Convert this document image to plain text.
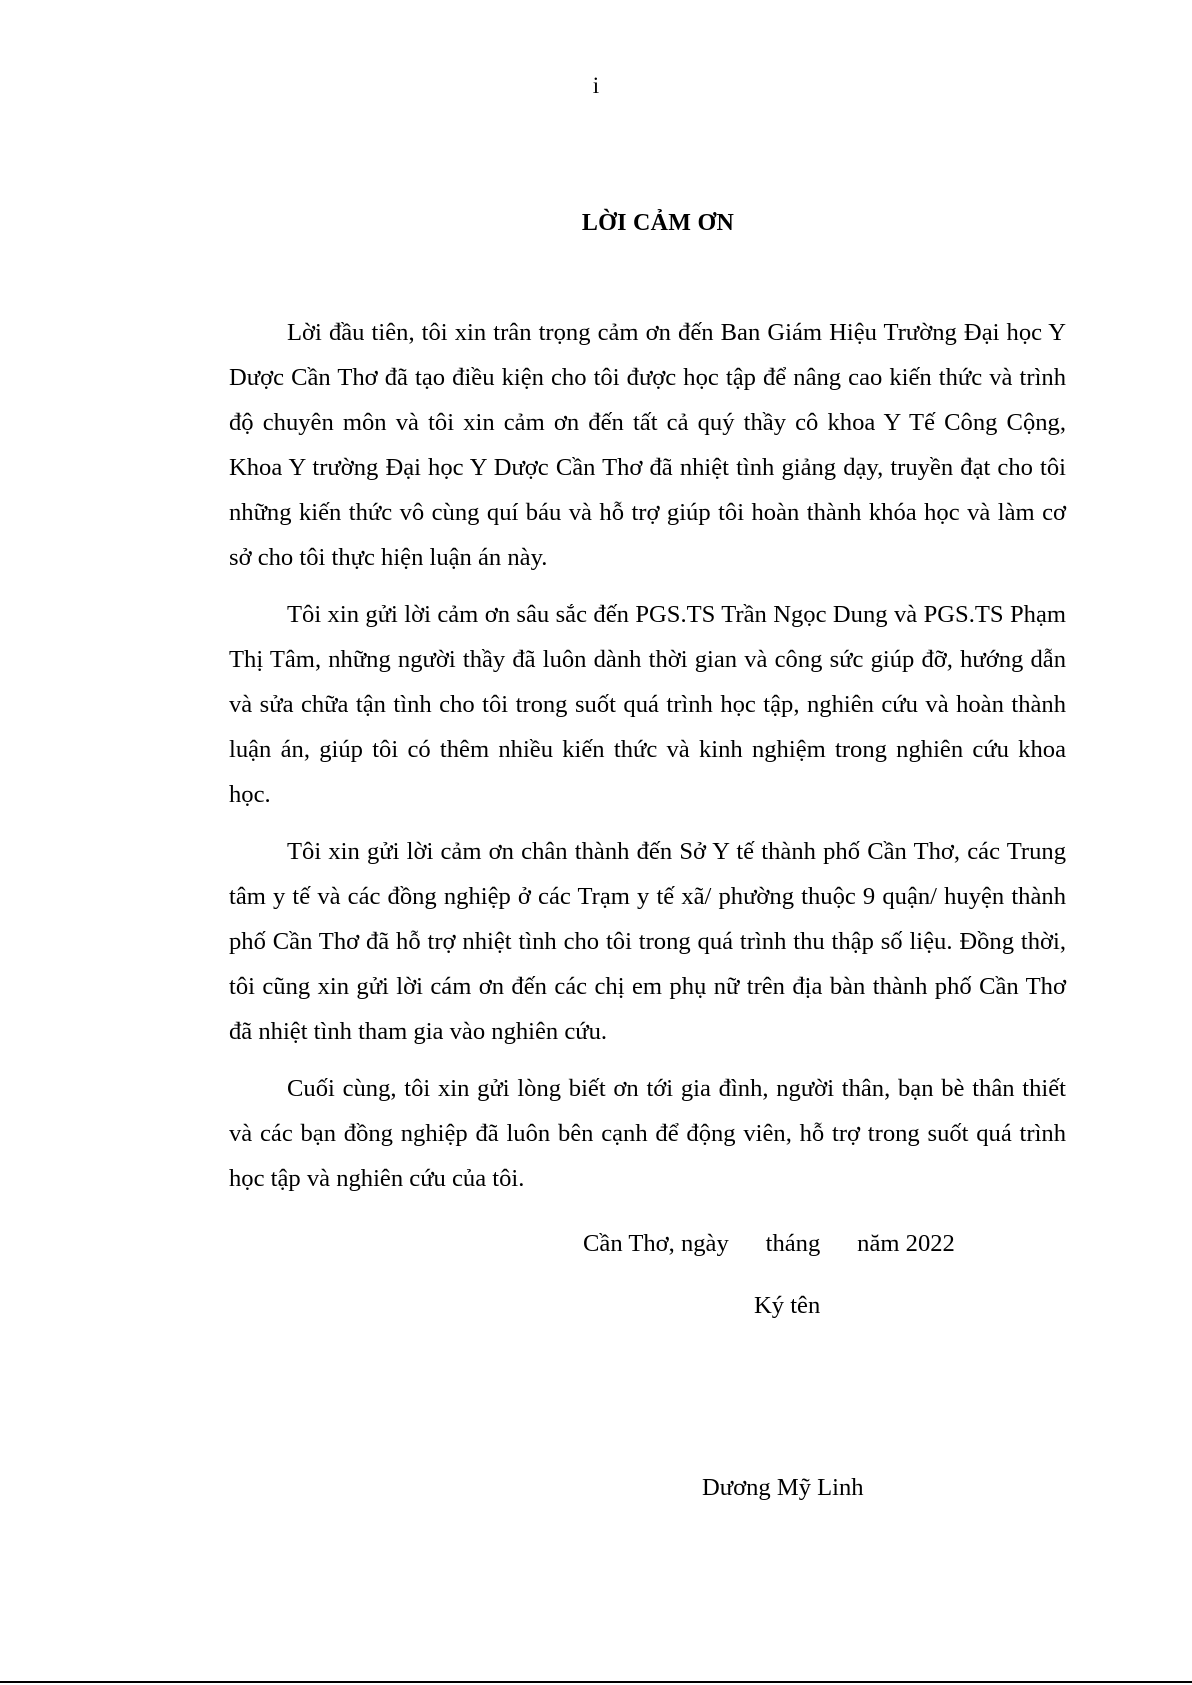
i
LỜI CẢM ƠN

Lời đầu tiên, tôi xin trân trọng cảm ơn đến Ban Giám Hiệu Trường Đại học Y Dược Cần Thơ đã tạo điều kiện cho tôi được học tập để nâng cao kiến thức và trình độ chuyên môn và tôi xin cảm ơn đến tất cả quý thầy cô khoa Y Tế Công Cộng, Khoa Y trường Đại học Y Dược Cần Thơ đã nhiệt tình giảng dạy, truyền đạt cho tôi những kiến thức vô cùng quí báu và hỗ trợ giúp tôi hoàn thành khóa học và làm cơ sở cho tôi thực hiện luận án này.

Tôi xin gửi lời cảm ơn sâu sắc đến PGS.TS Trần Ngọc Dung và PGS.TS Phạm Thị Tâm, những người thầy đã luôn dành thời gian và công sức giúp đỡ, hướng dẫn và sửa chữa tận tình cho tôi trong suốt quá trình học tập, nghiên cứu và hoàn thành luận án, giúp tôi có thêm nhiều kiến thức và kinh nghiệm trong nghiên cứu khoa học.

Tôi xin gửi lời cảm ơn chân thành đến Sở Y tế thành phố Cần Thơ, các Trung tâm y tế và các đồng nghiệp ở các Trạm y tế xã/ phường thuộc 9 quận/ huyện thành phố Cần Thơ đã hỗ trợ nhiệt tình cho tôi trong quá trình thu thập số liệu. Đồng thời, tôi cũng xin gửi lời cám ơn đến các chị em phụ nữ trên địa bàn thành phố Cần Thơ đã nhiệt tình tham gia vào nghiên cứu.

Cuối cùng, tôi xin gửi lòng biết ơn tới gia đình, người thân, bạn bè thân thiết và các bạn đồng nghiệp đã luôn bên cạnh để động viên, hỗ trợ trong suốt quá trình học tập và nghiên cứu của tôi.

Cần Thơ, ngày      tháng      năm 2022
Ký tên
Dương Mỹ Linh
